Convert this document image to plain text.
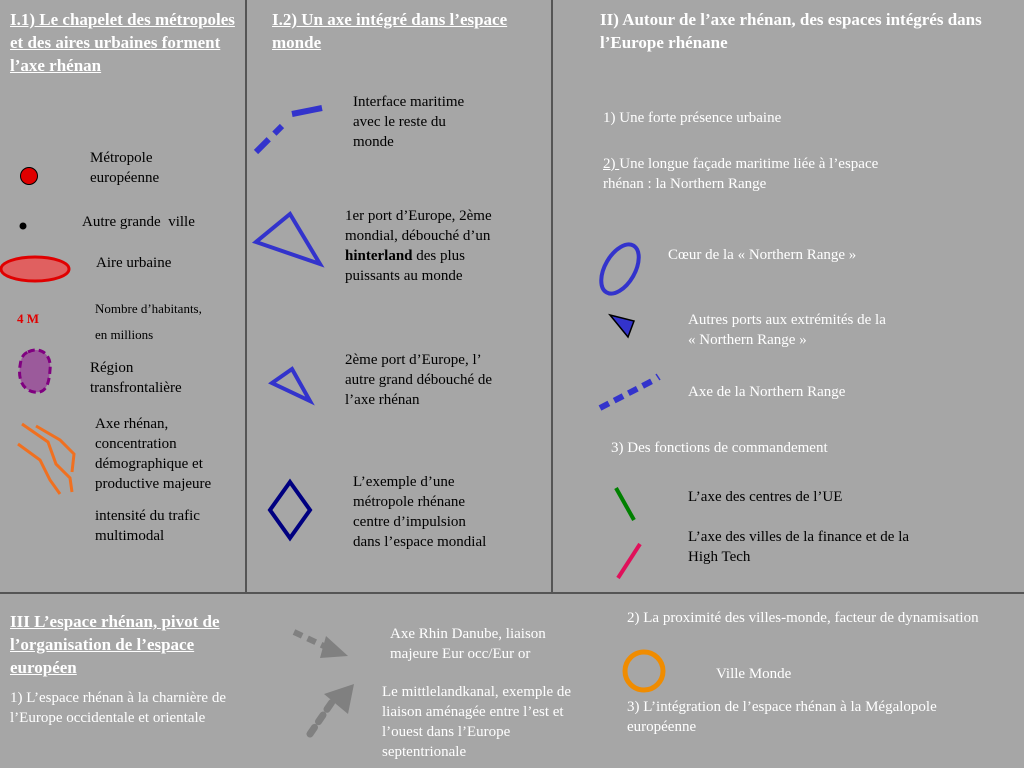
I.1) Le chapelet des métropoles et des aires urbaines forment l’axe rhénan

Métropole européenne

Autre grande  ville

Aire urbaine

4 M

Nombre d’habitants,

en millions

Région transfrontalière

Axe rhénan, concentration démographique et productive majeure

intensité du trafic multimodal

I.2) Un axe intégré dans l’espace monde

Interface maritime avec le reste du monde

1er port d’Europe, 2ème mondial, débouché d’un hinterland des plus puissants au monde

2ème port d’Europe, l’ autre grand débouché de l’axe rhénan

L’exemple d’une métropole rhénane centre d’impulsion dans l’espace mondial

II) Autour de l’axe rhénan, des espaces intégrés dans l’Europe rhénane

1) Une forte présence urbaine

2) Une longue façade maritime liée à l’espace rhénan : la Northern Range

Cœur de la « Northern Range »

Autres ports aux extrémités de la « Northern Range »

Axe de la Northern Range

3) Des fonctions de commandement

L’axe des centres de l’UE

L’axe des villes de la finance et de la High Tech

III L’espace rhénan, pivot de l’organisation de l’espace européen

1) L’espace rhénan à la charnière de l’Europe occidentale et orientale

Axe Rhin Danube, liaison majeure Eur occ/Eur or

Le mittlelandkanal, exemple de liaison aménagée entre l’est et l’ouest dans l’Europe septentrionale

2) La proximité des villes-monde, facteur de dynamisation

Ville Monde

3) L’intégration de l’espace rhénan à la Mégalopole européenne
